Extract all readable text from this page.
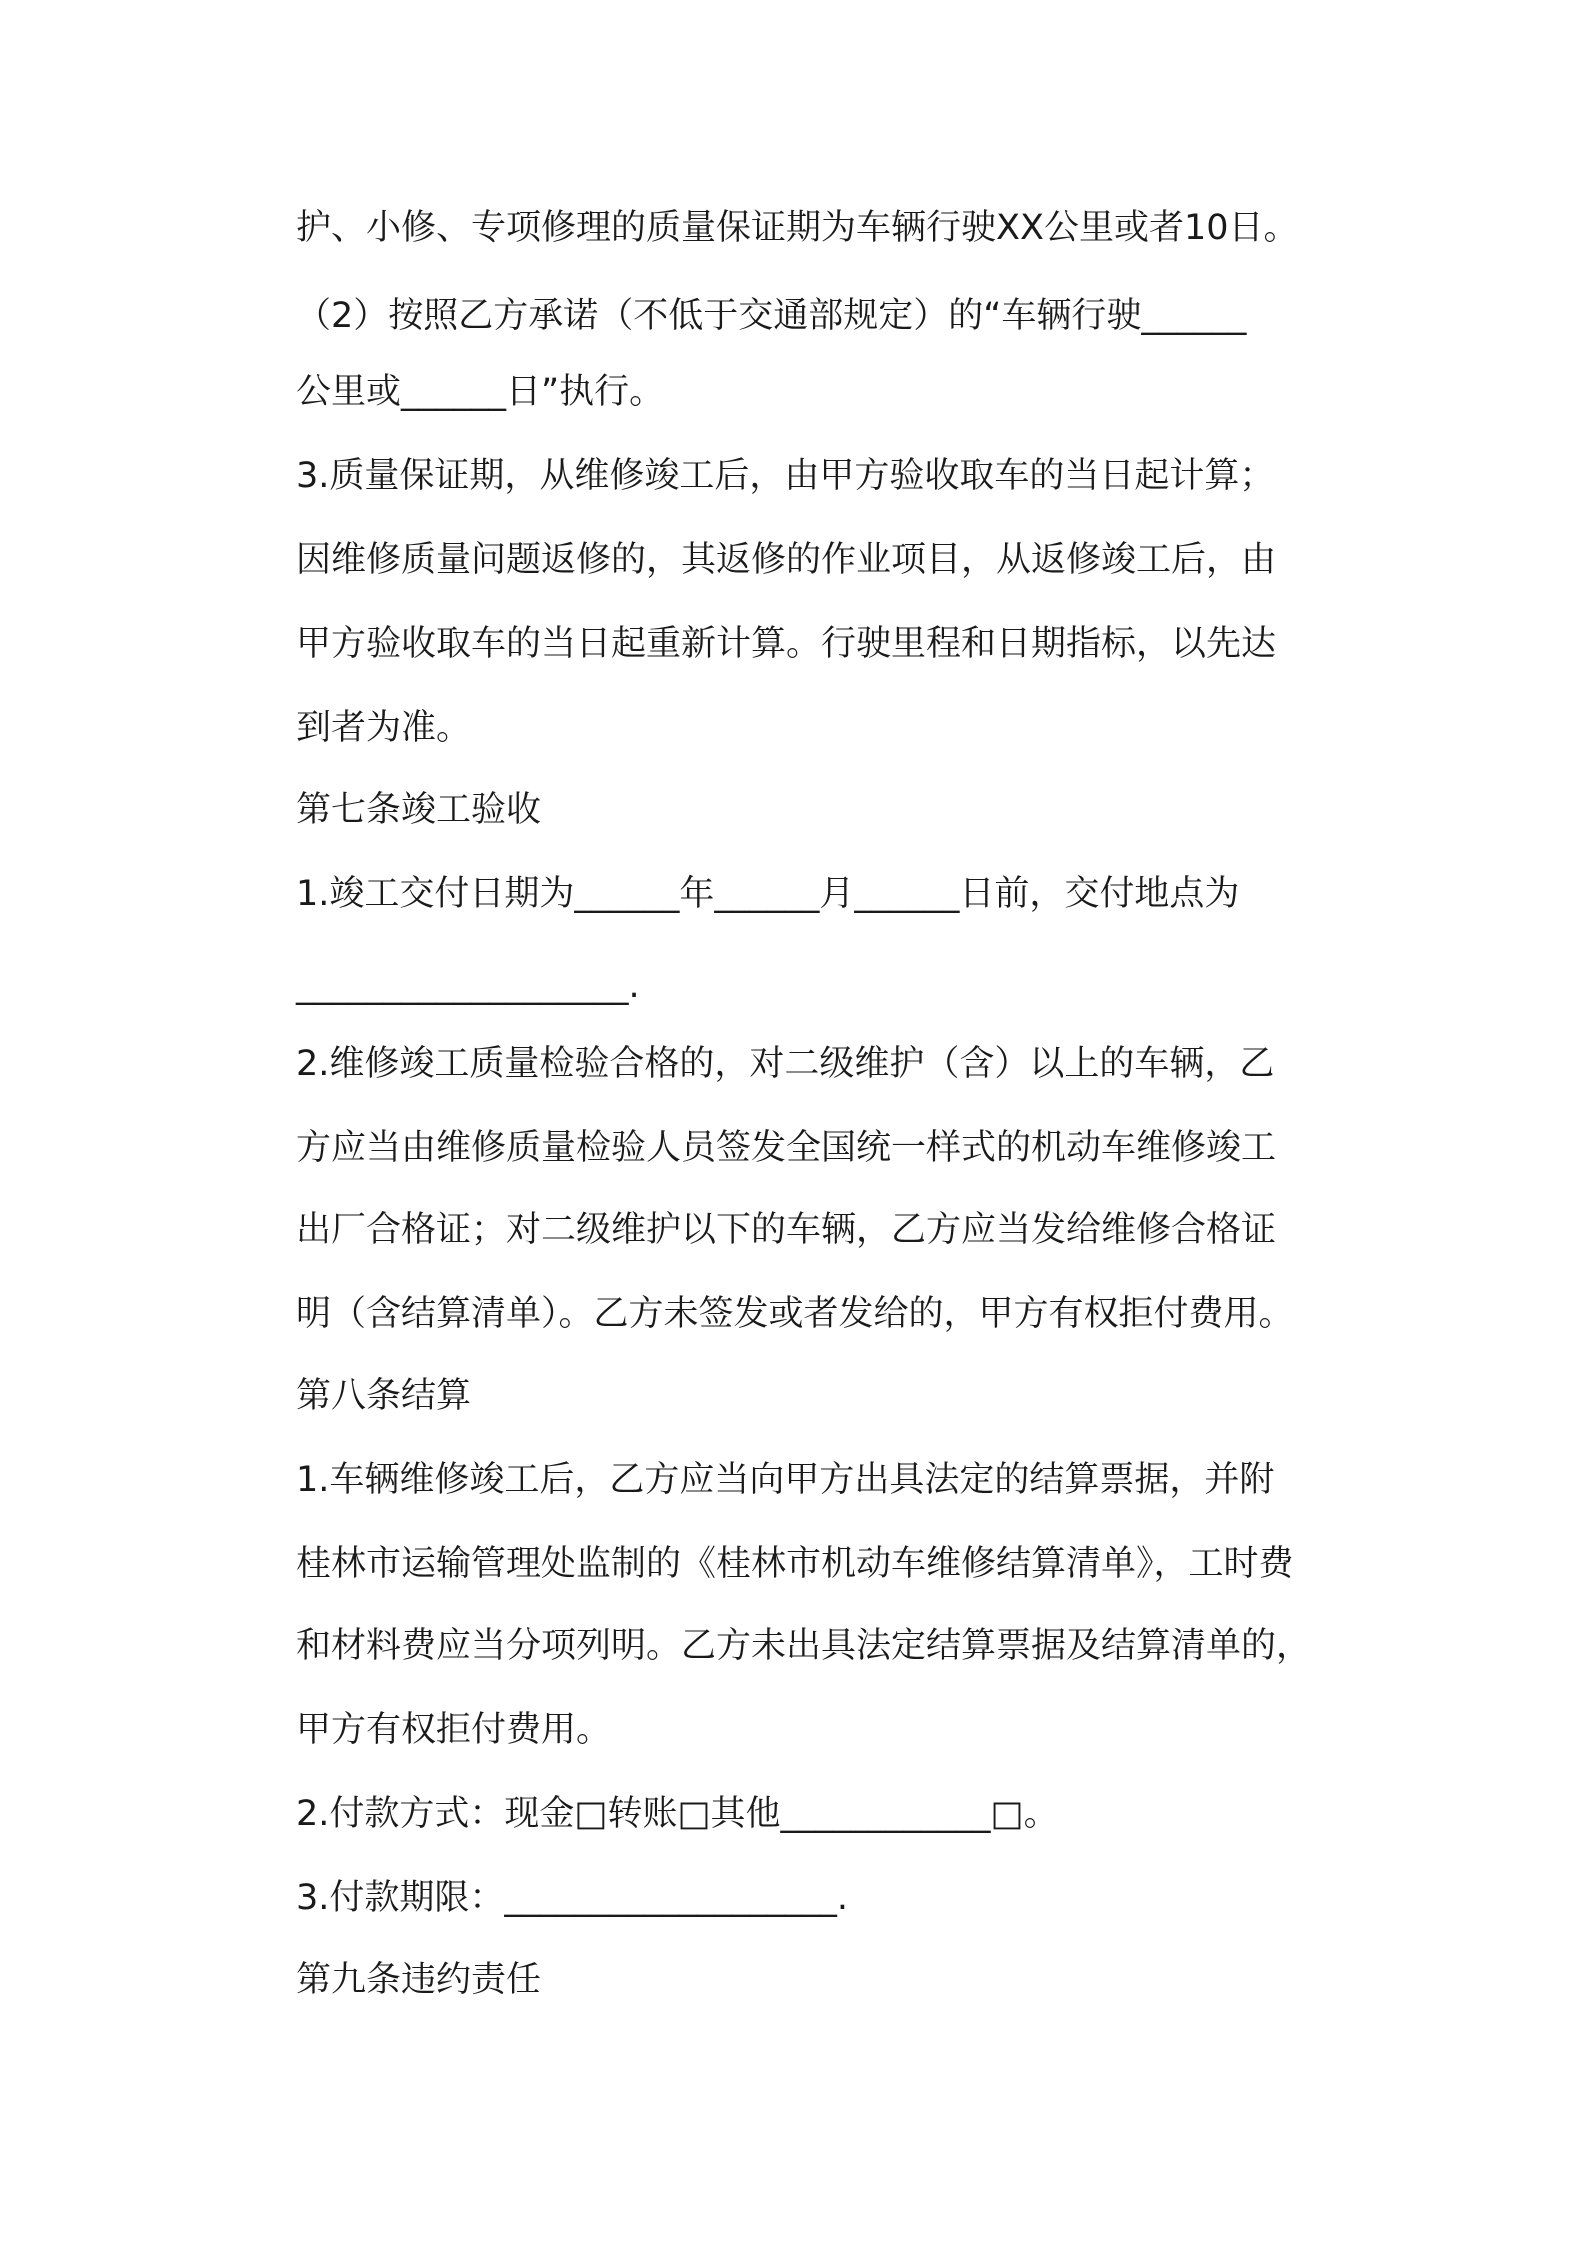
护、小修、专项修理的质量保证期为车辆行驶XX公里或者10日。
（2）按照乙方承诺（不低于交通部规定）的“车辆行驶______
公里或______日”执行。
3.质量保证期，从维修竣工后，由甲方验收取车的当日起计算；
因维修质量问题返修的，其返修的作业项目，从返修竣工后，由
甲方验收取车的当日起重新计算。行驶里程和日期指标，以先达
到者为准。
第七条竣工验收
1.竣工交付日期为______年______月______日前，交付地点为
___________________.
2.维修竣工质量检验合格的，对二级维护（含）以上的车辆，乙
方应当由维修质量检验人员签发全国统一样式的机动车维修竣工
出厂合格证；对二级维护以下的车辆，乙方应当发给维修合格证
明（含结算清单）。乙方未签发或者发给的，甲方有权拒付费用。
第八条结算
1.车辆维修竣工后，乙方应当向甲方出具法定的结算票据，并附
桂林市运输管理处监制的《桂林市机动车维修结算清单》，工时费
和材料费应当分项列明。乙方未出具法定结算票据及结算清单的，
甲方有权拒付费用。
2.付款方式：现金□转账□其他____________□。
3.付款期限：___________________.
第九条违约责任
